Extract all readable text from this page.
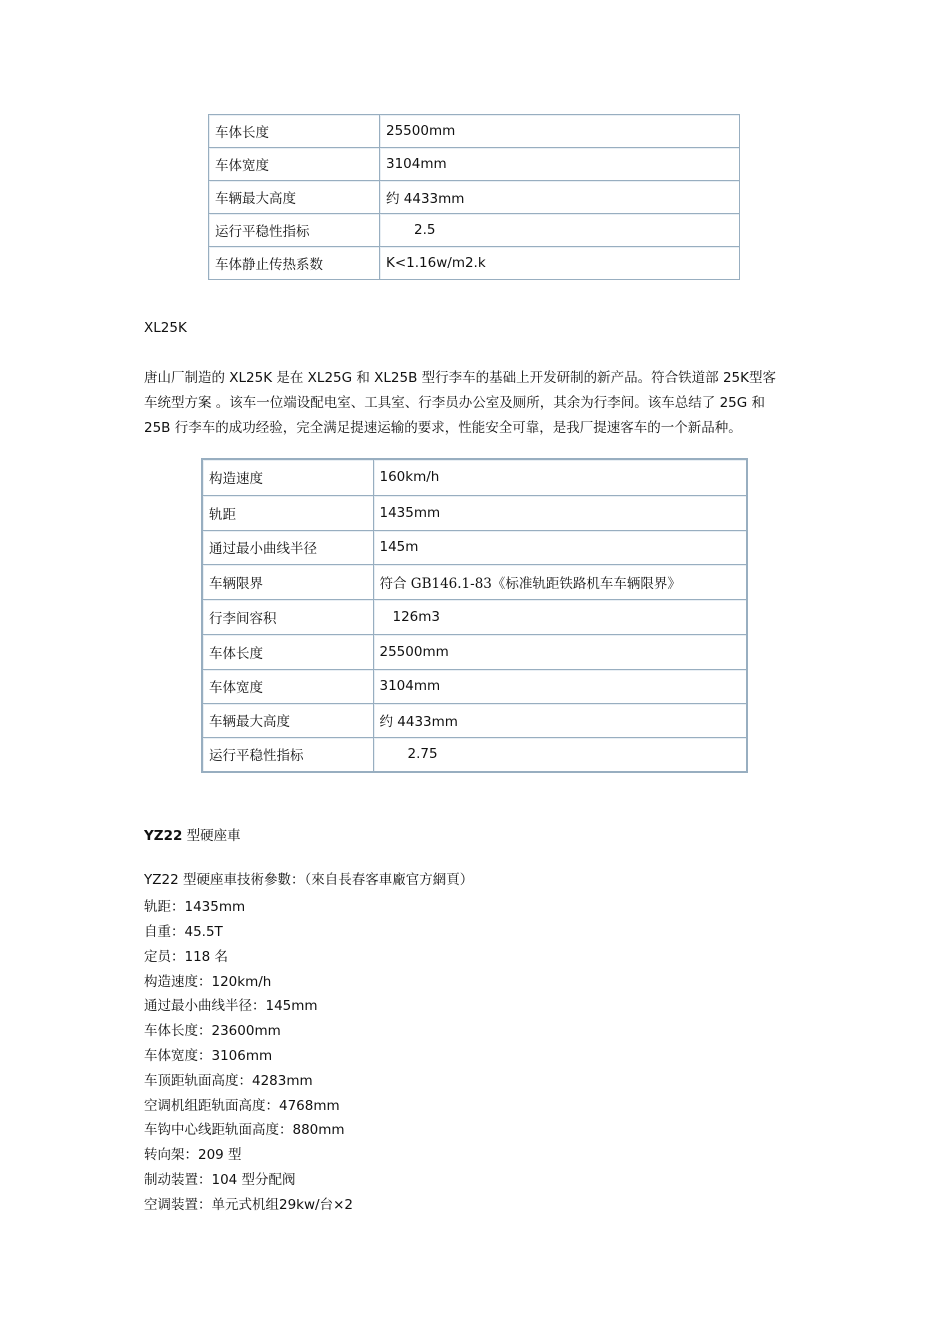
车体长度	25500mm
车体宽度	3104mm
车辆最大高度	约 4433mm
运行平稳性指标	2.5
车体静止传热系数	K<1.16w/m2.k
XL25K
唐山厂制造的 XL25K 是在 XL25G 和 XL25B 型行李车的基础上开发研制的新产品。符合铁道部 25K型客
车统型方案 。该车一位端设配电室、工具室、行李员办公室及厕所，其余为行李间。该车总结了 25G 和
25B 行李车的成功经验，完全满足提速运输的要求，性能安全可靠，是我厂提速客车的一个新品种。
构造速度	160km/h
轨距	1435mm
通过最小曲线半径	145m
车辆限界	符合 GB146.1-83《标准轨距铁路机车车辆限界》
行李间容积	126m3
车体长度	25500mm
车体宽度	3104mm
车辆最大高度	约 4433mm
运行平稳性指标	2.75
YZ22 型硬座車
YZ22 型硬座車技術參數：（來自長春客車廠官方網頁）
轨距：1435mm
自重：45.5T
定员：118 名
构造速度：120km/h
通过最小曲线半径：145mm
车体长度：23600mm
车体宽度：3106mm
车顶距轨面高度：4283mm
空调机组距轨面高度：4768mm
车钩中心线距轨面高度：880mm
转向架：209 型
制动装置：104 型分配阀
空调装置：单元式机组29kw/台×2
